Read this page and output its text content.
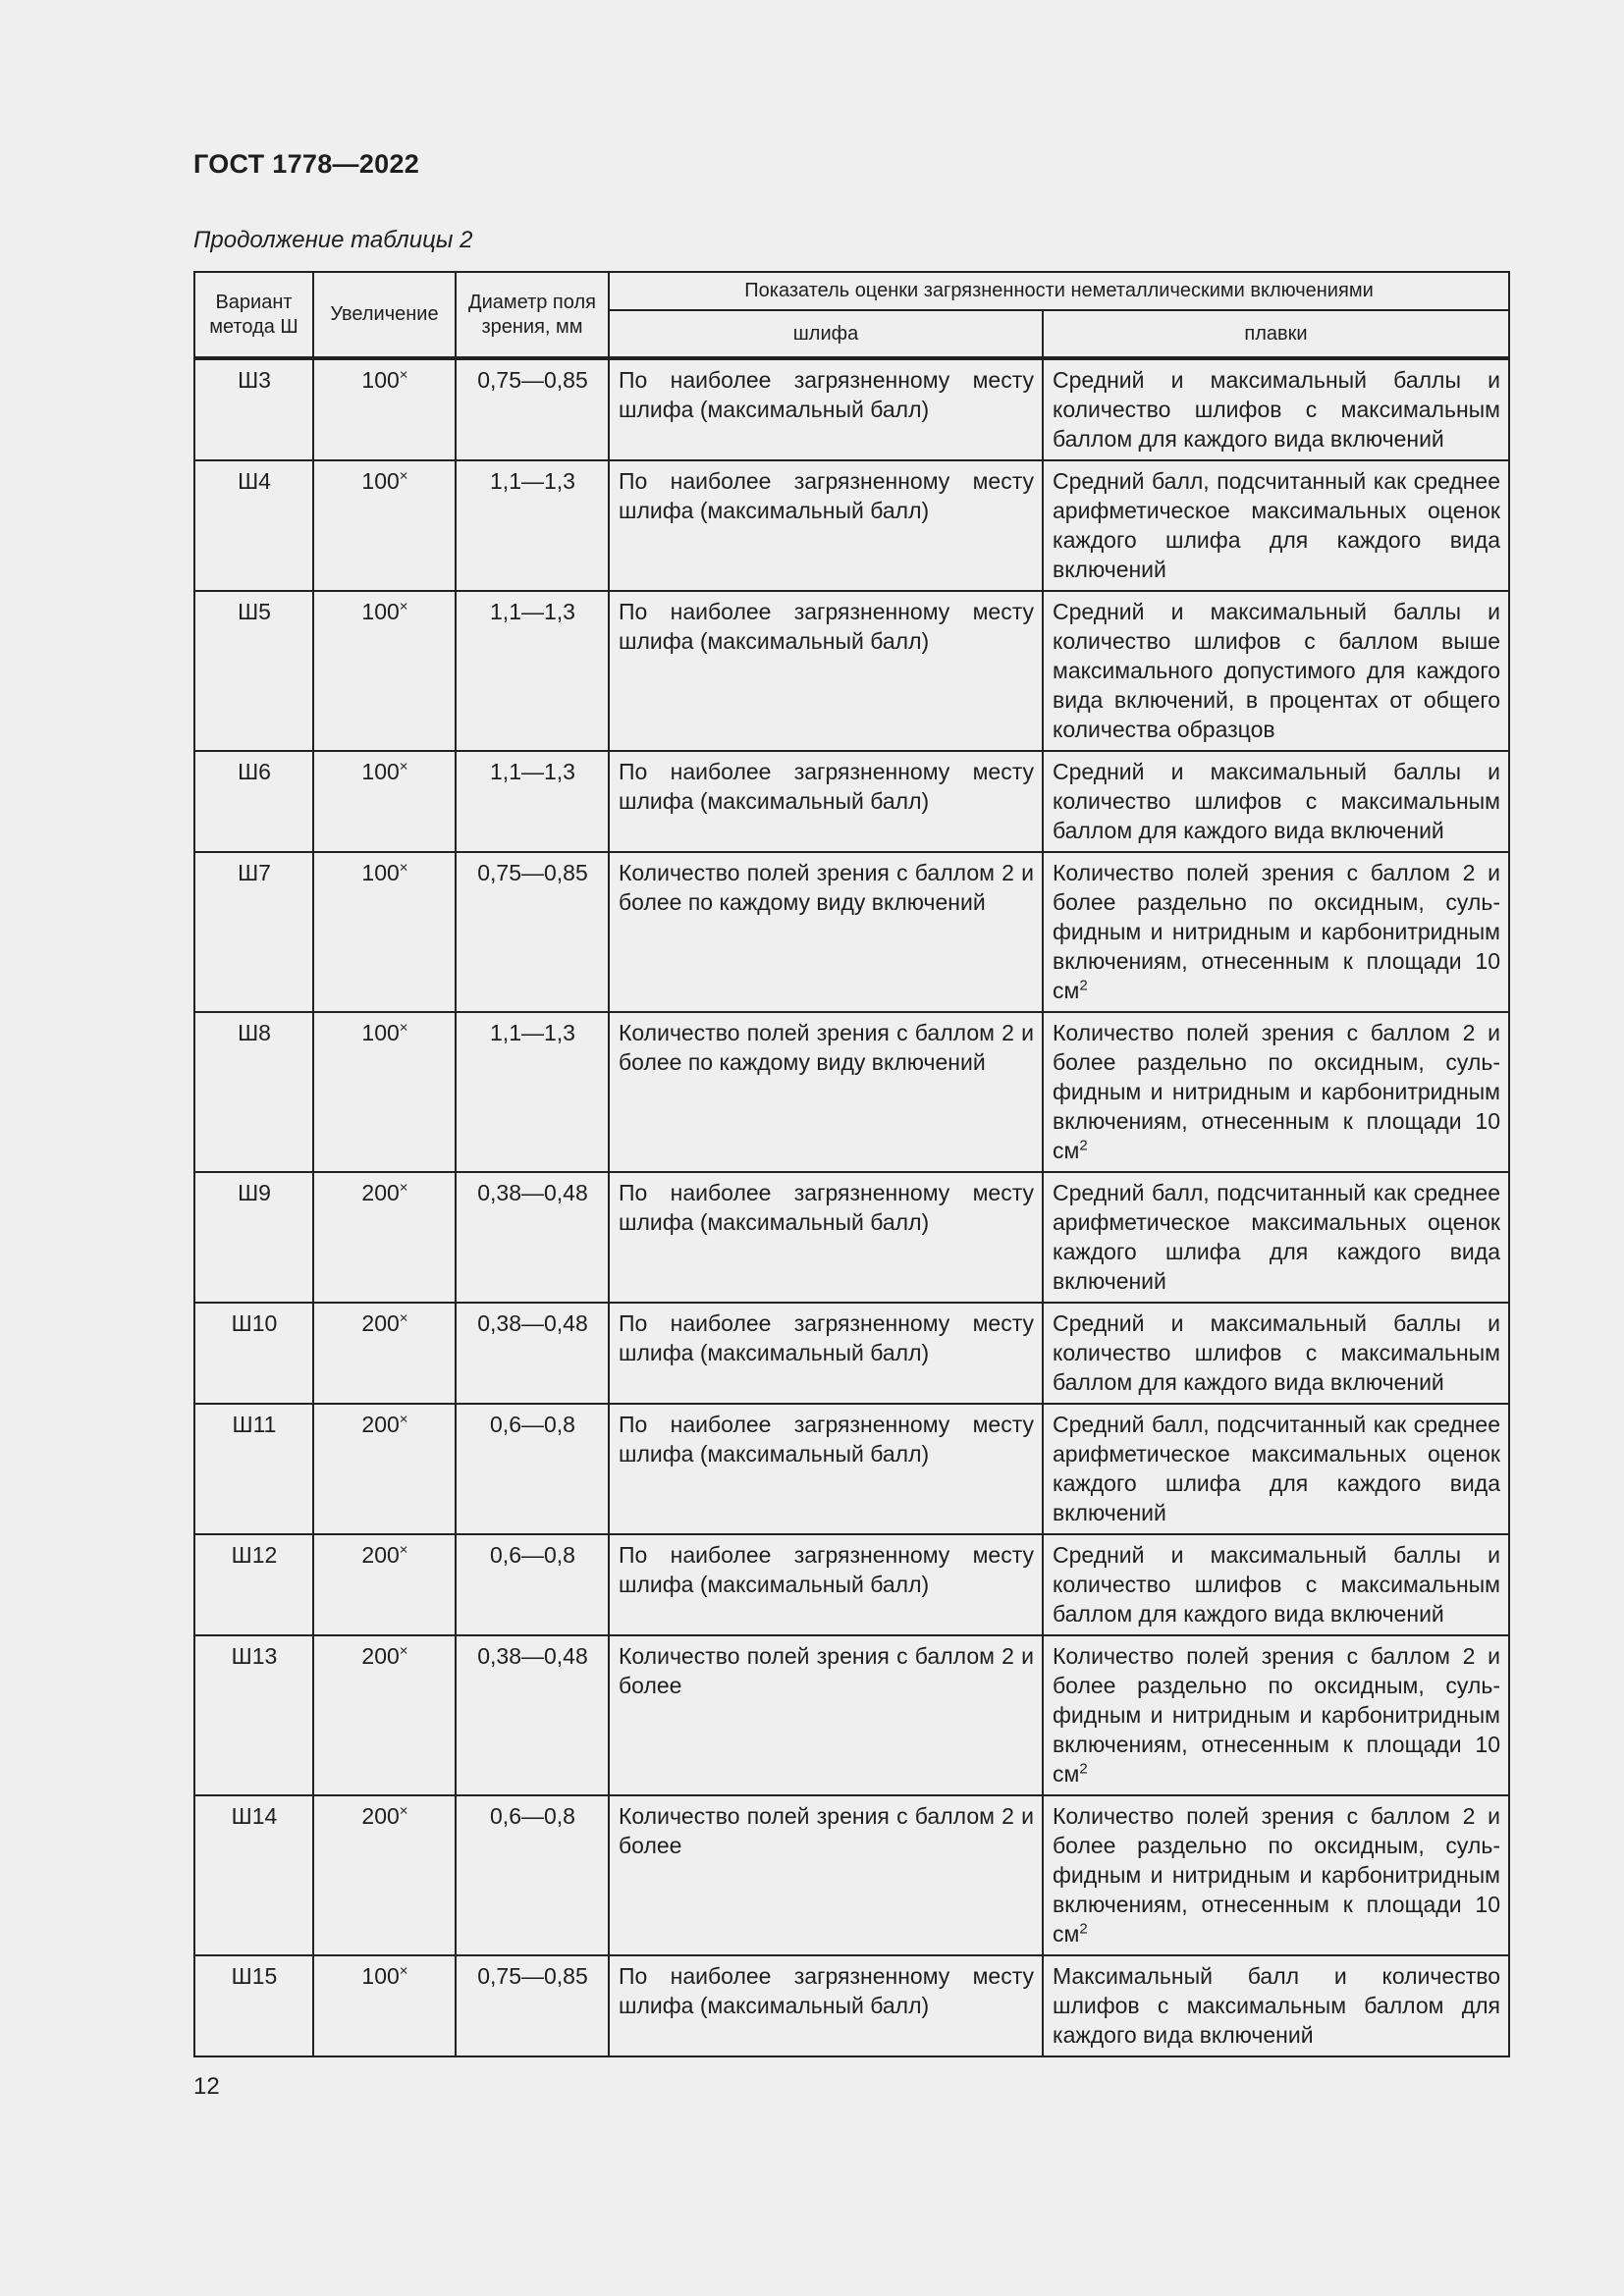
ГОСТ 1778—2022
Продолжение таблицы 2
Вариант метода Ш	Увеличение	Диаметр поля зрения, мм	Показатель оценки загрязненности неметаллическими включениями	
			шлифа	плавки
Ш3	100×	0,75—0,85	По наиболее загрязненному месту шлифа (максимальный балл)	Средний и максимальный баллы и количество шлифов с максимальным баллом для каждого вида включений
Ш4	100×	1,1—1,3	По наиболее загрязненному месту шлифа (максимальный балл)	Средний балл, подсчитанный как среднее арифметическое максимальных оценок каждого шлифа для каждого вида включений
Ш5	100×	1,1—1,3	По наиболее загрязненному месту шлифа (максимальный балл)	Средний и максимальный баллы и количество шлифов с баллом выше максимального допустимого для каждого вида включений, в процентах от общего количества образцов
Ш6	100×	1,1—1,3	По наиболее загрязненному месту шлифа (максимальный балл)	Средний и максимальный баллы и количество шлифов с максимальным баллом для каждого вида включений
Ш7	100×	0,75—0,85	Количество полей зрения с баллом 2 и более по каждому виду включений	Количество полей зрения с баллом 2 и более раздельно по оксидным, сульфидным и нитридным и карбонитридным включениям, отнесенным к площади 10 $см^2$
Ш8	100×	1,1—1,3	Количество полей зрения с баллом 2 и более по каждому виду включений	Количество полей зрения с баллом 2 и более раздельно по оксидным, сульфидным и нитридным и карбонитридным включениям, отнесенным к площади 10 $см^2$
Ш9	200×	0,38—0,48	По наиболее загрязненному месту шлифа (максимальный балл)	Средний балл, подсчитанный как среднее арифметическое максимальных оценок каждого шлифа для каждого вида включений
Ш10	200×	0,38—0,48	По наиболее загрязненному месту шлифа (максимальный балл)	Средний и максимальный баллы и количество шлифов с максимальным баллом для каждого вида включений
Ш11	200×	0,6—0,8	По наиболее загрязненному месту шлифа (максимальный балл)	Средний балл, подсчитанный как среднее арифметическое максимальных оценок каждого шлифа для каждого вида включений
Ш12	200×	0,6—0,8	По наиболее загрязненному месту шлифа (максимальный балл)	Средний и максимальный баллы и количество шлифов с максимальным баллом для каждого вида включений
Ш13	200×	0,38—0,48	Количество полей зрения с баллом 2 и более	Количество полей зрения с баллом 2 и более раздельно по оксидным, сульфидным и нитридным и карбонитридным включениям, отнесенным к площади 10 $см^2$
Ш14	200×	0,6—0,8	Количество полей зрения с баллом 2 и более	Количество полей зрения с баллом 2 и более раздельно по оксидным, сульфидным и нитридным и карбонитридным включениям, отнесенным к площади 10 $см^2$
Ш15	100×	0,75—0,85	По наиболее загрязненному месту шлифа (максимальный балл)	Максимальный балл и количество шлифов с максимальным баллом для каждого вида включений
12
